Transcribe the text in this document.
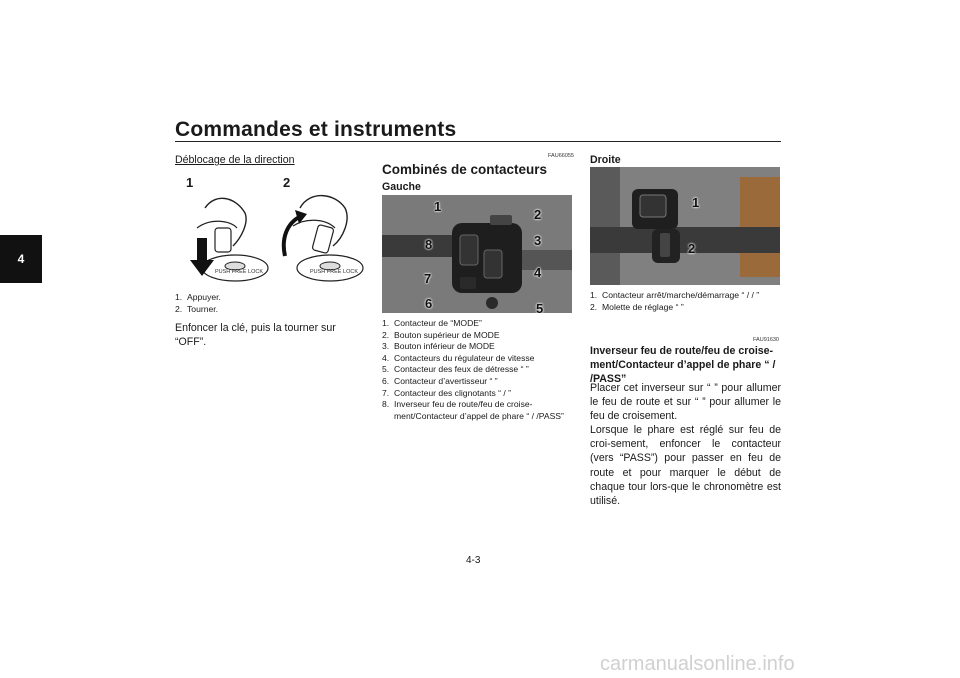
Commandes et instruments
4
Déblocage de la direction
1	2
PUSH FREE LOCK	PUSH FREE LOCK
1. Appuyer.
2. Tourner.
Enfoncer la clé, puis la tourner sur “OFF”.
FAU66055
Combinés de contacteurs
Gauche
1
2
3
4
5
6
7
8
1. Contacteur de “MODE”
2. Bouton supérieur de MODE
3. Bouton inférieur de MODE
4. Contacteurs du régulateur de vitesse
5. Contacteur des feux de détresse “ ”
6. Contacteur d’avertisseur “ ”
7. Contacteur des clignotants “ / ”
8. Inverseur feu de route/feu de croise-ment/Contacteur d’appel de phare “ / /PASS”
Droite
1
2
1. Contacteur arrêt/marche/démarrage “ / / ”
2. Molette de réglage “ ”
FAU91630
Inverseur feu de route/feu de croise-ment/Contacteur d’appel de phare “ / /PASS”
Placer cet inverseur sur “ ” pour allumer le feu de route et sur “ ” pour allumer le feu de croisement.
Lorsque le phare est réglé sur feu de croi-sement, enfoncer le contacteur (vers “PASS”) pour passer en feu de route et pour marquer le début de chaque tour lors-que le chronomètre est utilisé.
4-3
carmanualsonline.info
